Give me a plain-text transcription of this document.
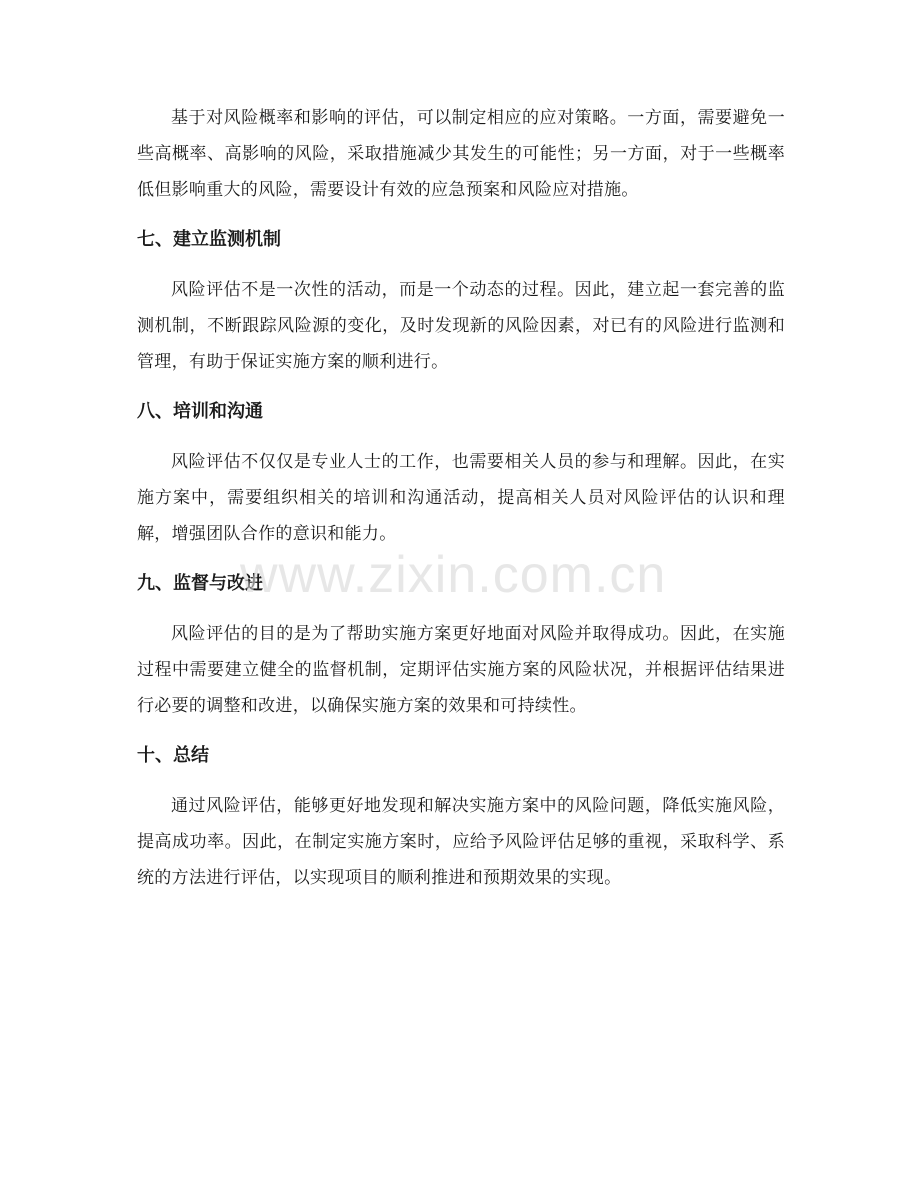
基于对风险概率和影响的评估，可以制定相应的应对策略。一方面，需要避免一些高概率、高影响的风险，采取措施减少其发生的可能性；另一方面，对于一些概率低但影响重大的风险，需要设计有效的应急预案和风险应对措施。

七、建立监测机制

风险评估不是一次性的活动，而是一个动态的过程。因此，建立起一套完善的监测机制，不断跟踪风险源的变化，及时发现新的风险因素，对已有的风险进行监测和管理，有助于保证实施方案的顺利进行。

八、培训和沟通

风险评估不仅仅是专业人士的工作，也需要相关人员的参与和理解。因此，在实施方案中，需要组织相关的培训和沟通活动，提高相关人员对风险评估的认识和理解，增强团队合作的意识和能力。

九、监督与改进

风险评估的目的是为了帮助实施方案更好地面对风险并取得成功。因此，在实施过程中需要建立健全的监督机制，定期评估实施方案的风险状况，并根据评估结果进行必要的调整和改进，以确保实施方案的效果和可持续性。

十、总结

通过风险评估，能够更好地发现和解决实施方案中的风险问题，降低实施风险，提高成功率。因此，在制定实施方案时，应给予风险评估足够的重视，采取科学、系统的方法进行评估，以实现项目的顺利推进和预期效果的实现。

www.zixin.com.cn
